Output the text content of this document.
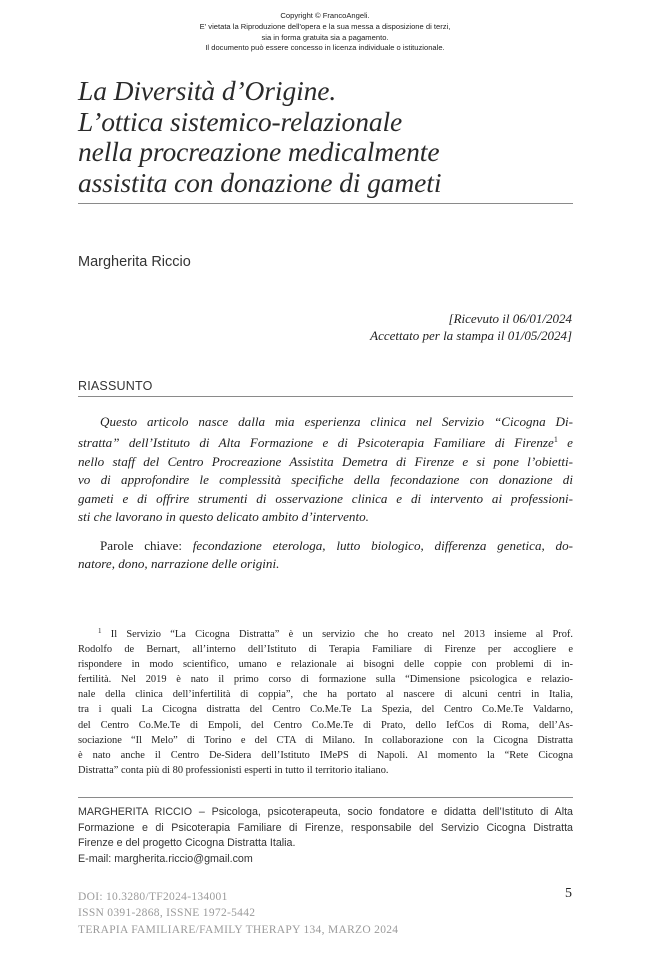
Copyright © FrancoAngeli.
E' vietata la Riproduzione dell'opera e la sua messa a disposizione di terzi,
sia in forma gratuita sia a pagamento.
Il documento può essere concesso in licenza individuale o istituzionale.
La Diversità d’Origine.
L’ottica sistemico-relazionale
nella procreazione medicalmente
assistita con donazione di gameti
Margherita Riccio
[Ricevuto il 06/01/2024
Accettato per la stampa il 01/05/2024]
RIASSUNTO
Questo articolo nasce dalla mia esperienza clinica nel Servizio “Cicogna Di-
stratta” dell’Istituto di Alta Formazione e di Psicoterapia Familiare di Firenze$^1$ e
nello staff del Centro Procreazione Assistita Demetra di Firenze e si pone l’obietti-
vo di approfondire le complessità specifiche della fecondazione con donazione di
gameti e di offrire strumenti di osservazione clinica e di intervento ai professioni-
sti che lavorano in questo delicato ambito d’intervento.
Parole chiave: fecondazione eterologa, lutto biologico, differenza genetica, do-
natore, dono, narrazione delle origini.
$^1$ Il Servizio “La Cicogna Distratta” è un servizio che ho creato nel 2013 insieme al Prof.
Rodolfo de Bernart, all’interno dell’Istituto di Terapia Familiare di Firenze per accogliere e
rispondere in modo scientifico, umano e relazionale ai bisogni delle coppie con problemi di in-
fertilità. Nel 2019 è nato il primo corso di formazione sulla “Dimensione psicologica e relazio-
nale della clinica dell’infertilità di coppia”, che ha portato al nascere di alcuni centri in Italia,
tra i quali La Cicogna distratta del Centro Co.Me.Te La Spezia, del Centro Co.Me.Te Valdarno,
del Centro Co.Me.Te di Empoli, del Centro Co.Me.Te di Prato, dello IefCos di Roma, dell’As-
sociazione “Il Melo” di Torino e del CTA di Milano. In collaborazione con la Cicogna Distratta
è nato anche il Centro De-Sidera dell’Istituto IMePS di Napoli. Al momento la “Rete Cicogna
Distratta” conta più di 80 professionisti esperti in tutto il territorio italiano.
MARGHERITA RICCIO – Psicologa, psicoterapeuta, socio fondatore e didatta dell’Istituto di Alta
Formazione e di Psicoterapia Familiare di Firenze, responsabile del Servizio Cicogna Distratta
Firenze e del progetto Cicogna Distratta Italia.
E-mail: margherita.riccio@gmail.com
DOI: 10.3280/TF2024-134001
ISSN 0391-2868, ISSNE 1972-5442
TERAPIA FAMILIARE/FAMILY THERAPY 134, MARZO 2024
5
